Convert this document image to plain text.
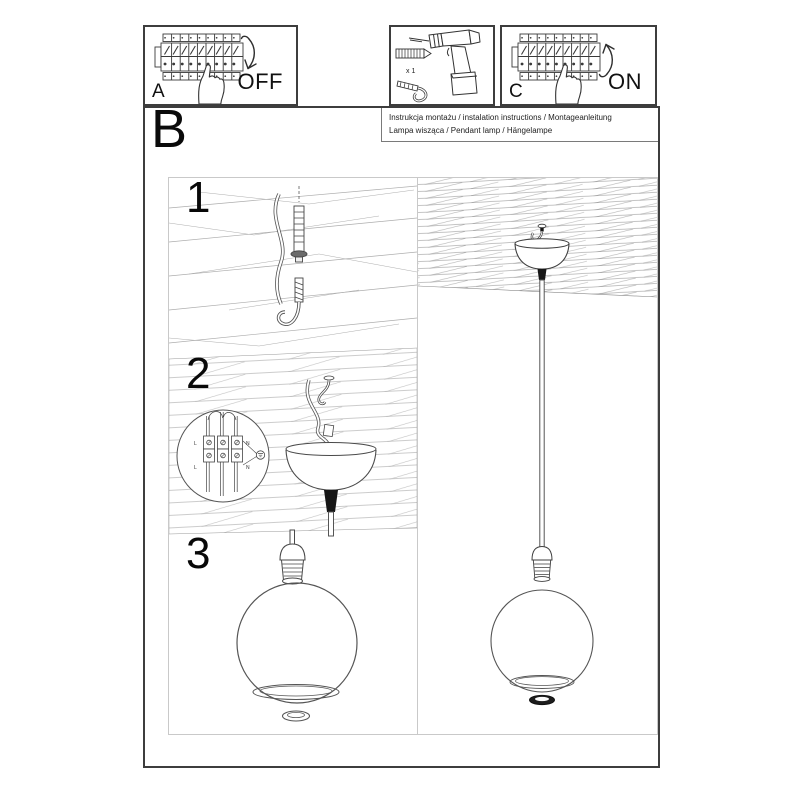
A	OFF	x 1
C	ON
B	Instrukcja montażu / instalation instructions / Montageanleitung
Lampa wisząca / Pendant lamp / Hängelampe
L	N
L	N
1
2
3
